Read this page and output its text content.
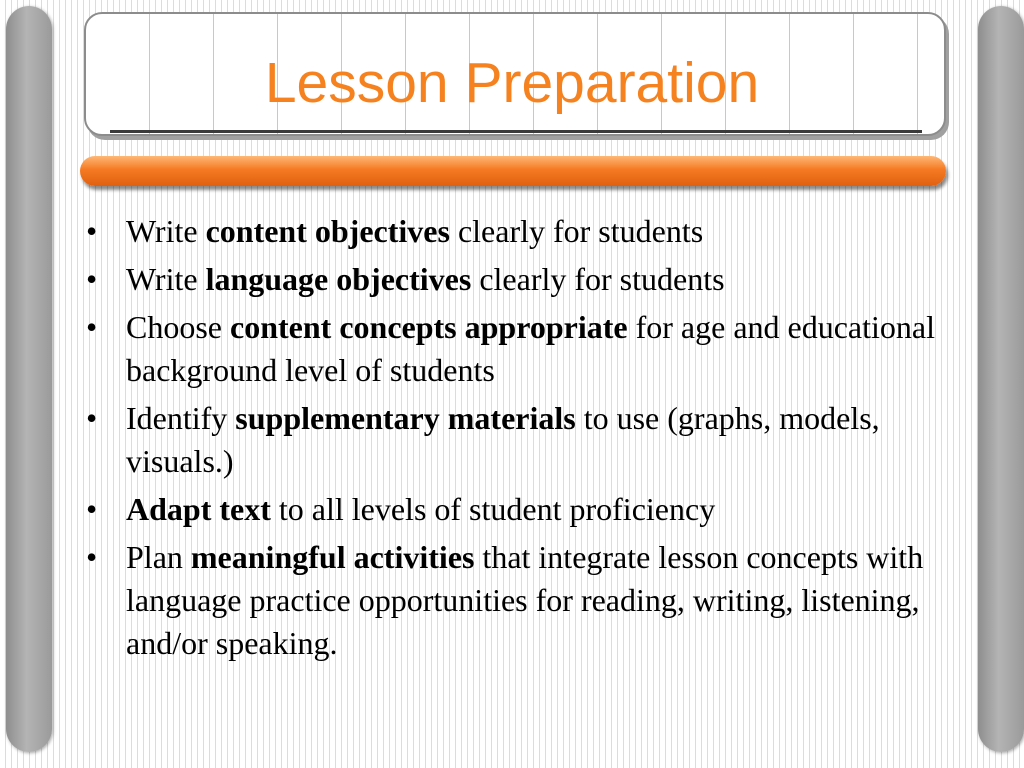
Lesson Preparation
• Write content objectives clearly for students
• Write language objectives clearly for students
• Choose content concepts appropriate for age and educational background level of students
• Identify supplementary materials to use (graphs, models, visuals.)
• Adapt text to all levels of student proficiency
• Plan meaningful activities that integrate lesson concepts with language practice opportunities for reading, writing, listening, and/or speaking.
